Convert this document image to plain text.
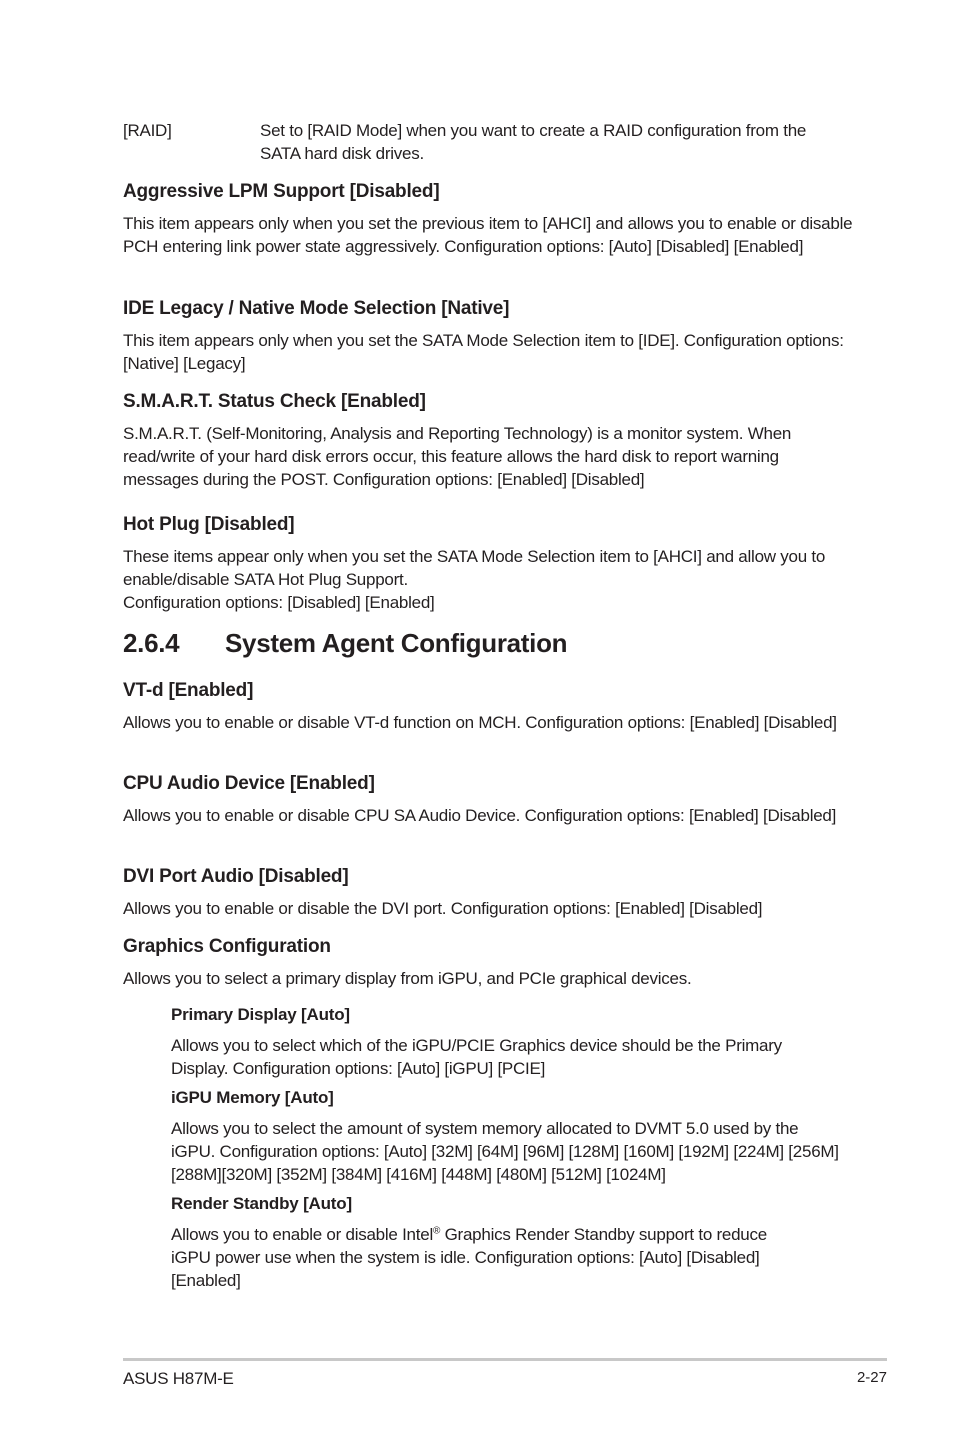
[RAID]	Set to [RAID Mode] when you want to create a RAID configuration from the SATA hard disk drives.

Aggressive LPM Support [Disabled]

This item appears only when you set the previous item to [AHCI] and allows you to enable or disable PCH entering link power state aggressively. Configuration options: [Auto] [Disabled] [Enabled]

IDE Legacy / Native Mode Selection [Native]

This item appears only when you set the SATA Mode Selection item to [IDE]. Configuration options: [Native] [Legacy]

S.M.A.R.T. Status Check [Enabled]

S.M.A.R.T. (Self-Monitoring, Analysis and Reporting Technology) is a monitor system. When read/write of your hard disk errors occur, this feature allows the hard disk to report warning messages during the POST. Configuration options: [Enabled] [Disabled]

Hot Plug [Disabled]

These items appear only when you set the SATA Mode Selection item to [AHCI] and allow you to enable/disable SATA Hot Plug Support.

Configuration options: [Disabled] [Enabled]

2.6.4 System Agent Configuration
VT-d [Enabled]

Allows you to enable or disable VT-d function on MCH. Configuration options: [Enabled] [Disabled]

CPU Audio Device [Enabled]

Allows you to enable or disable CPU SA Audio Device. Configuration options: [Enabled] [Disabled]

DVI Port Audio [Disabled]

Allows you to enable or disable the DVI port. Configuration options: [Enabled] [Disabled]

Graphics Configuration

Allows you to select a primary display from iGPU, and PCIe graphical devices.

Primary Display [Auto]

Allows you to select which of the iGPU/PCIE Graphics device should be the Primary Display. Configuration options: [Auto] [iGPU] [PCIE]

iGPU Memory [Auto]

Allows you to select the amount of system memory allocated to DVMT 5.0 used by the iGPU. Configuration options: [Auto] [32M] [64M] [96M] [128M] [160M] [192M] [224M] [256M] [288M][320M] [352M] [384M] [416M] [448M] [480M] [512M] [1024M]

Render Standby [Auto]

Allows you to enable or disable Intel® Graphics Render Standby support to reduce iGPU power use when the system is idle. Configuration options: [Auto] [Disabled] [Enabled]

ASUS H87M-E	2-27
